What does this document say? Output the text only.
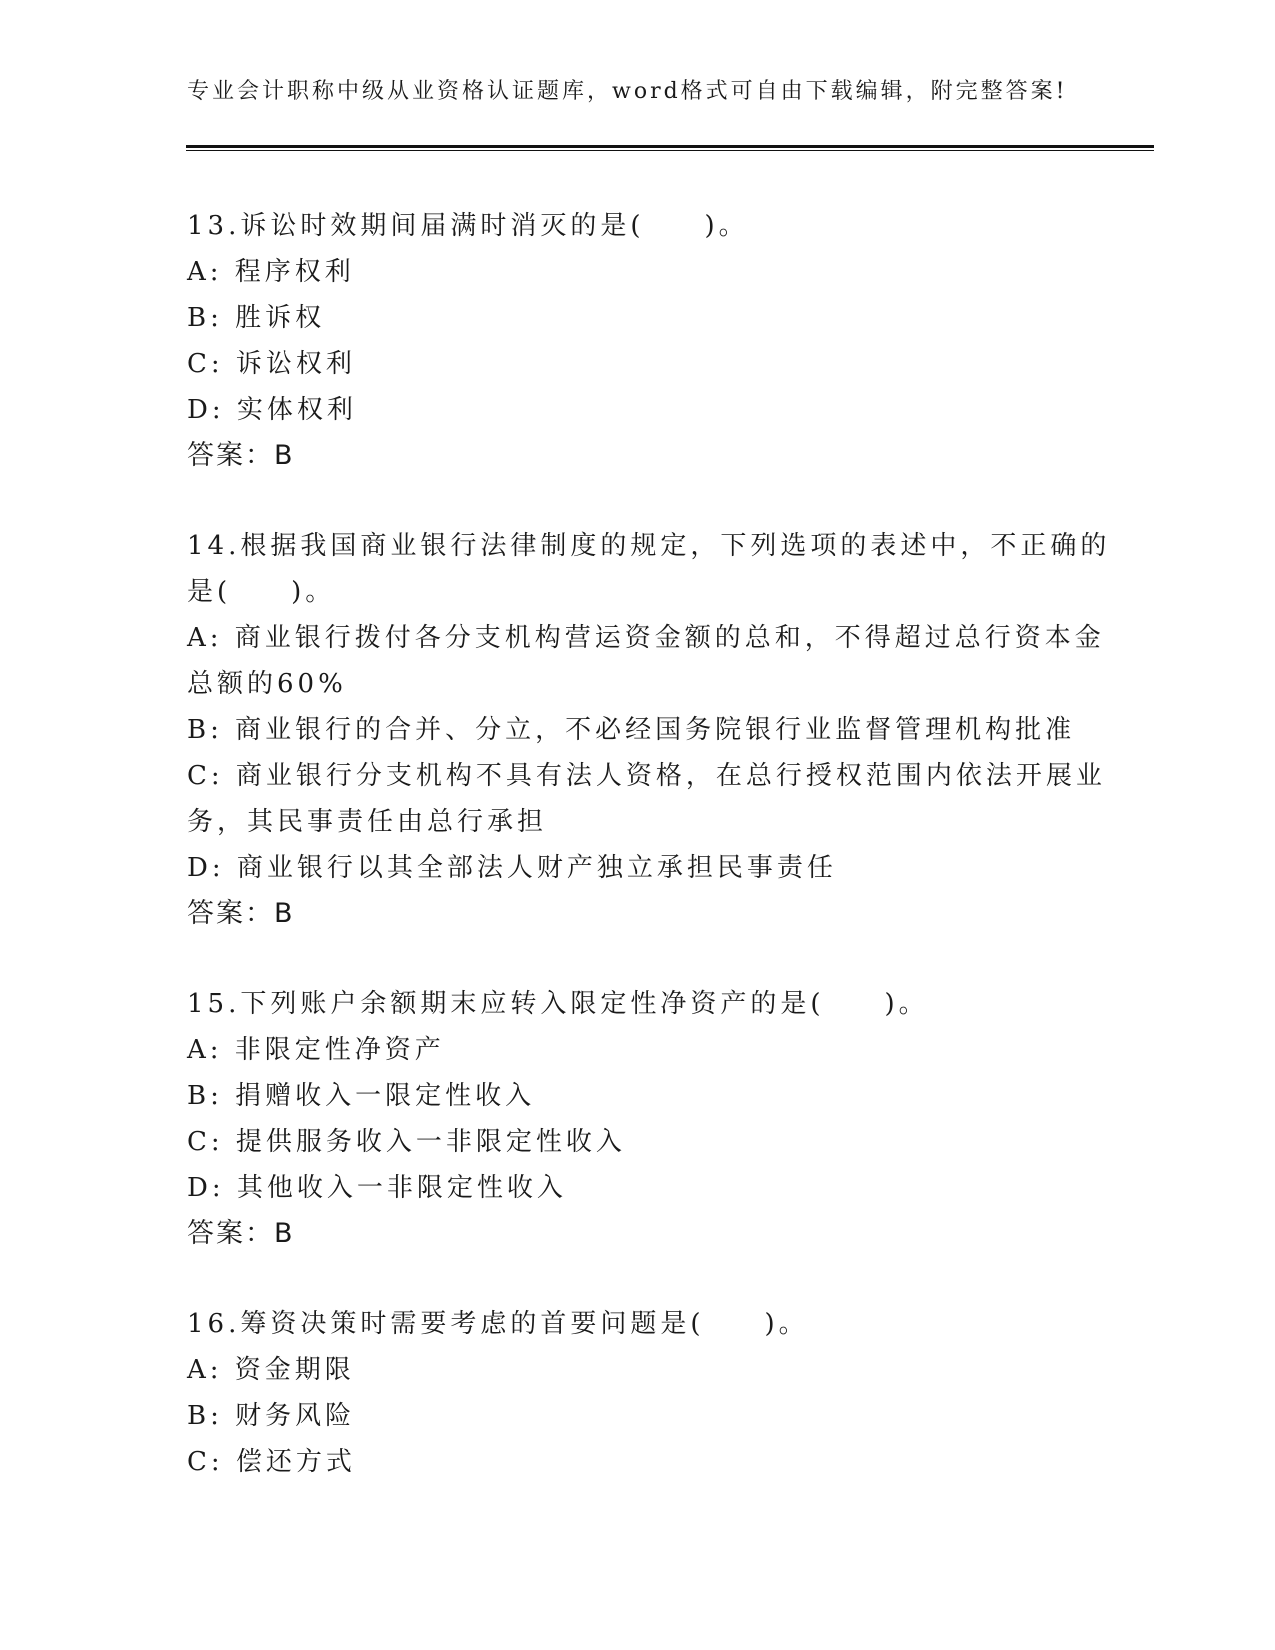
专业会计职称中级从业资格认证题库，word格式可自由下载编辑，附完整答案!
13.诉讼时效期间届满时消灭的是(　　)。
A: 程序权利
B: 胜诉权
C: 诉讼权利
D: 实体权利
答案：B
14.根据我国商业银行法律制度的规定，下列选项的表述中，不正确的
是(　　)。
A: 商业银行拨付各分支机构营运资金额的总和，不得超过总行资本金
总额的60%
B: 商业银行的合并、分立，不必经国务院银行业监督管理机构批准
C: 商业银行分支机构不具有法人资格，在总行授权范围内依法开展业
务，其民事责任由总行承担
D: 商业银行以其全部法人财产独立承担民事责任
答案：B
15.下列账户余额期末应转入限定性净资产的是(　　)。
A: 非限定性净资产
B: 捐赠收入一限定性收入
C: 提供服务收入一非限定性收入
D: 其他收入一非限定性收入
答案：B
16.筹资决策时需要考虑的首要问题是(　　)。
A: 资金期限
B: 财务风险
C: 偿还方式
